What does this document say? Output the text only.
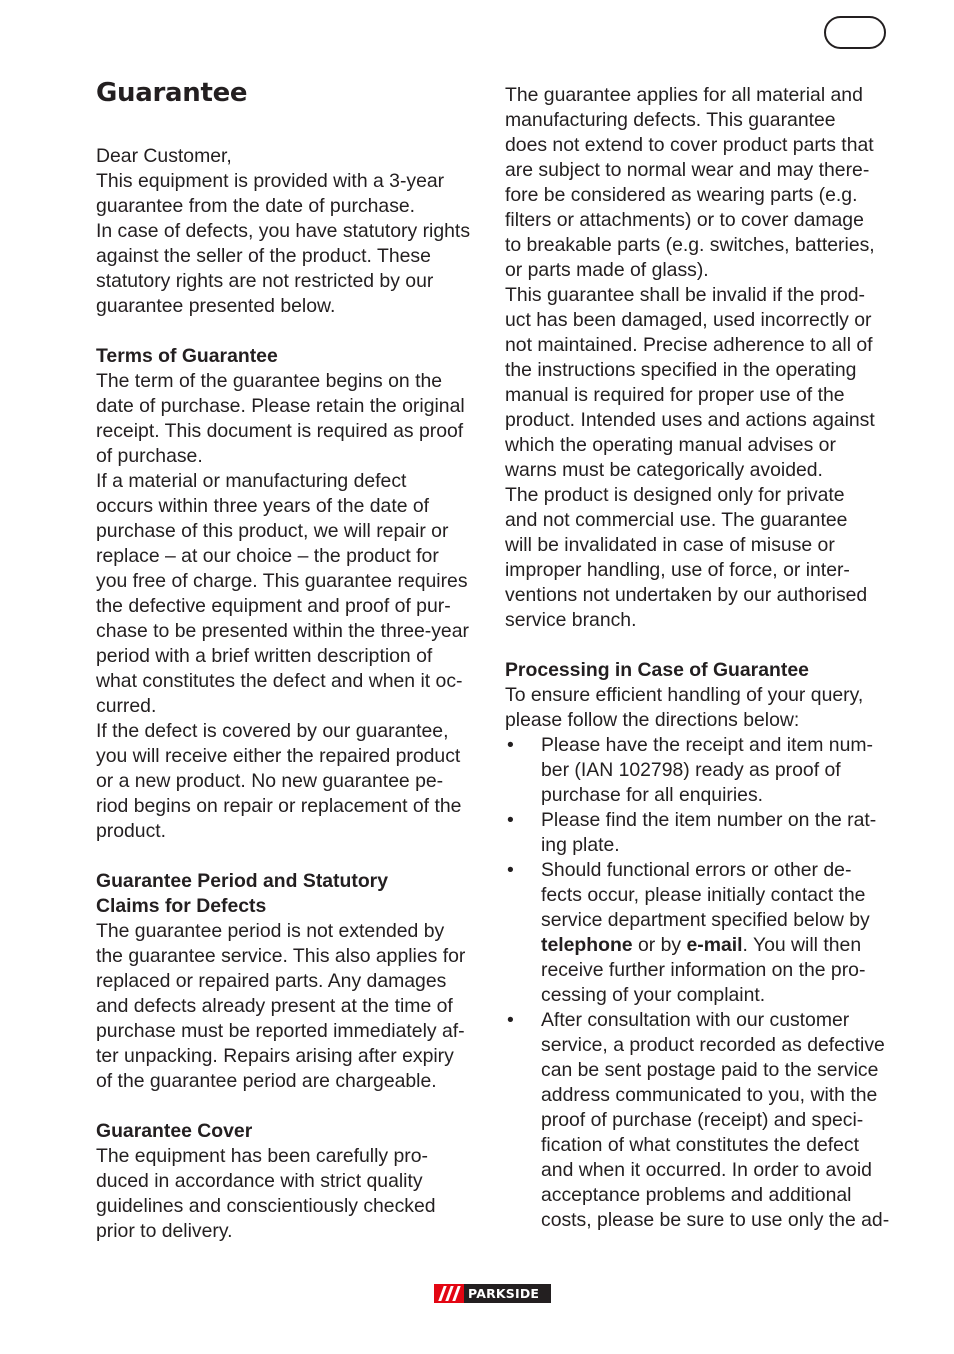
Guarantee
Dear Customer,
This equipment is provided with a 3-year
guarantee from the date of purchase.
In case of defects, you have statutory rights
against the seller of the product. These
statutory rights are not restricted by our
guarantee presented below.
Terms of Guarantee
The term of the guarantee begins on the
date of purchase. Please retain the original
receipt. This document is required as proof
of purchase.
If a material or manufacturing defect
occurs within three years of the date of
purchase of this product, we will repair or
replace – at our choice – the product for
you free of charge. This guarantee requires
the defective equipment and proof of pur-
chase to be presented within the three-year
period with a brief written description of
what constitutes the defect and when it oc-
curred.
If the defect is covered by our guarantee,
you will receive either the repaired product
or a new product. No new guarantee pe-
riod begins on repair or replacement of the
product.
Guarantee Period and Statutory
Claims for Defects
The guarantee period is not extended by
the guarantee service. This also applies for
replaced or repaired parts. Any damages
and defects already present at the time of
purchase must be reported immediately af-
ter unpacking. Repairs arising after expiry
of the guarantee period are chargeable.
Guarantee Cover
The equipment has been carefully pro-
duced in accordance with strict quality
guidelines and conscientiously checked
prior to delivery.
The guarantee applies for all material and
manufacturing defects. This guarantee
does not extend to cover product parts that
are subject to normal wear and may there-
fore be considered as wearing parts (e.g.
filters or attachments) or to cover damage
to breakable parts (e.g. switches, batteries,
or parts made of glass).
This guarantee shall be invalid if the prod-
uct has been damaged, used incorrectly or
not maintained. Precise adherence to all of
the instructions specified in the operating
manual is required for proper use of the
product. Intended uses and actions against
which the operating manual advises or
warns must be categorically avoided.
The product is designed only for private
and not commercial use. The guarantee
will be invalidated in case of misuse or
improper handling, use of force, or inter-
ventions not undertaken by our authorised
service branch.
Processing in Case of Guarantee
To ensure efficient handling of your query,
please follow the directions below:
• Please have the receipt and item num-
ber (IAN 102798) ready as proof of
purchase for all enquiries.
• Please find the item number on the rat-
ing plate.
• Should functional errors or other de-
fects occur, please initially contact the
service department specified below by
telephone or by e-mail. You will then
receive further information on the pro-
cessing of your complaint.
• After consultation with our customer
service, a product recorded as defective
can be sent postage paid to the service
address communicated to you, with the
proof of purchase (receipt) and speci-
fication of what constitutes the defect
and when it occurred. In order to avoid
acceptance problems and additional
costs, please be sure to use only the ad-
PARKSIDE
